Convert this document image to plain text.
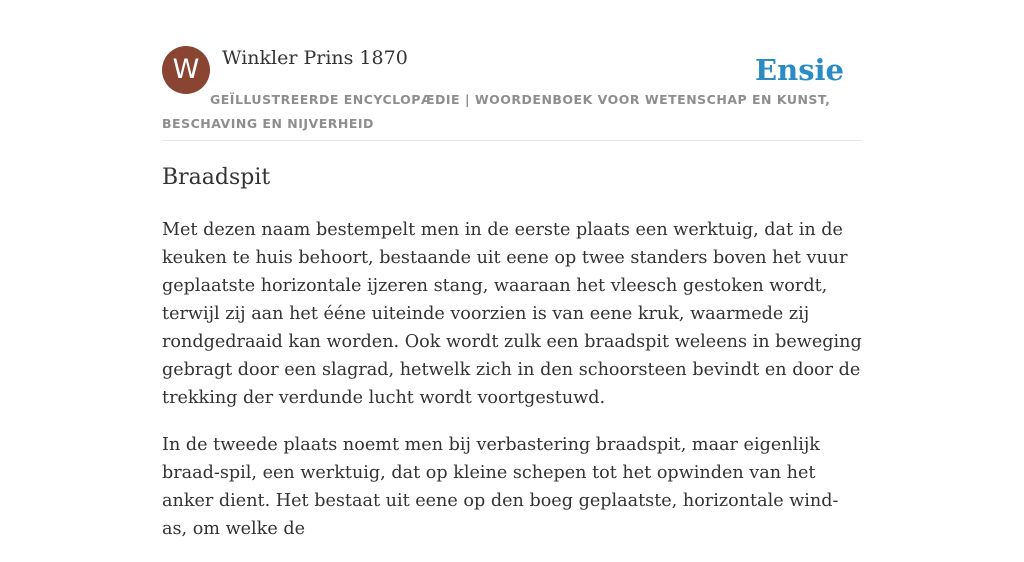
W	Winkler Prins 1870	Ensie
GEÏLLUSTREERDE ENCYCLOPÆDIE | WOORDENBOEK VOOR WETENSCHAP EN KUNST, BESCHAVING EN NIJVERHEID
Braadspit

Met dezen naam bestempelt men in de eerste plaats een werktuig, dat in de keuken te huis behoort, bestaande uit eene op twee standers boven het vuur geplaatste horizontale ijzeren stang, waaraan het vleesch gestoken wordt, terwijl zij aan het ééne uiteinde voorzien is van eene kruk, waarmede zij rondgedraaid kan worden. Ook wordt zulk een braadspit weleens in beweging gebragt door een slagrad, hetwelk zich in den schoorsteen bevindt en door de trekking der verdunde lucht wordt voortgestuwd.

In de tweede plaats noemt men bij verbastering braadspit, maar eigenlijk braad-spil, een werktuig, dat op kleine schepen tot het opwinden van het anker dient. Het bestaat uit eene op den boeg geplaatste, horizontale wind-as, om welke de
